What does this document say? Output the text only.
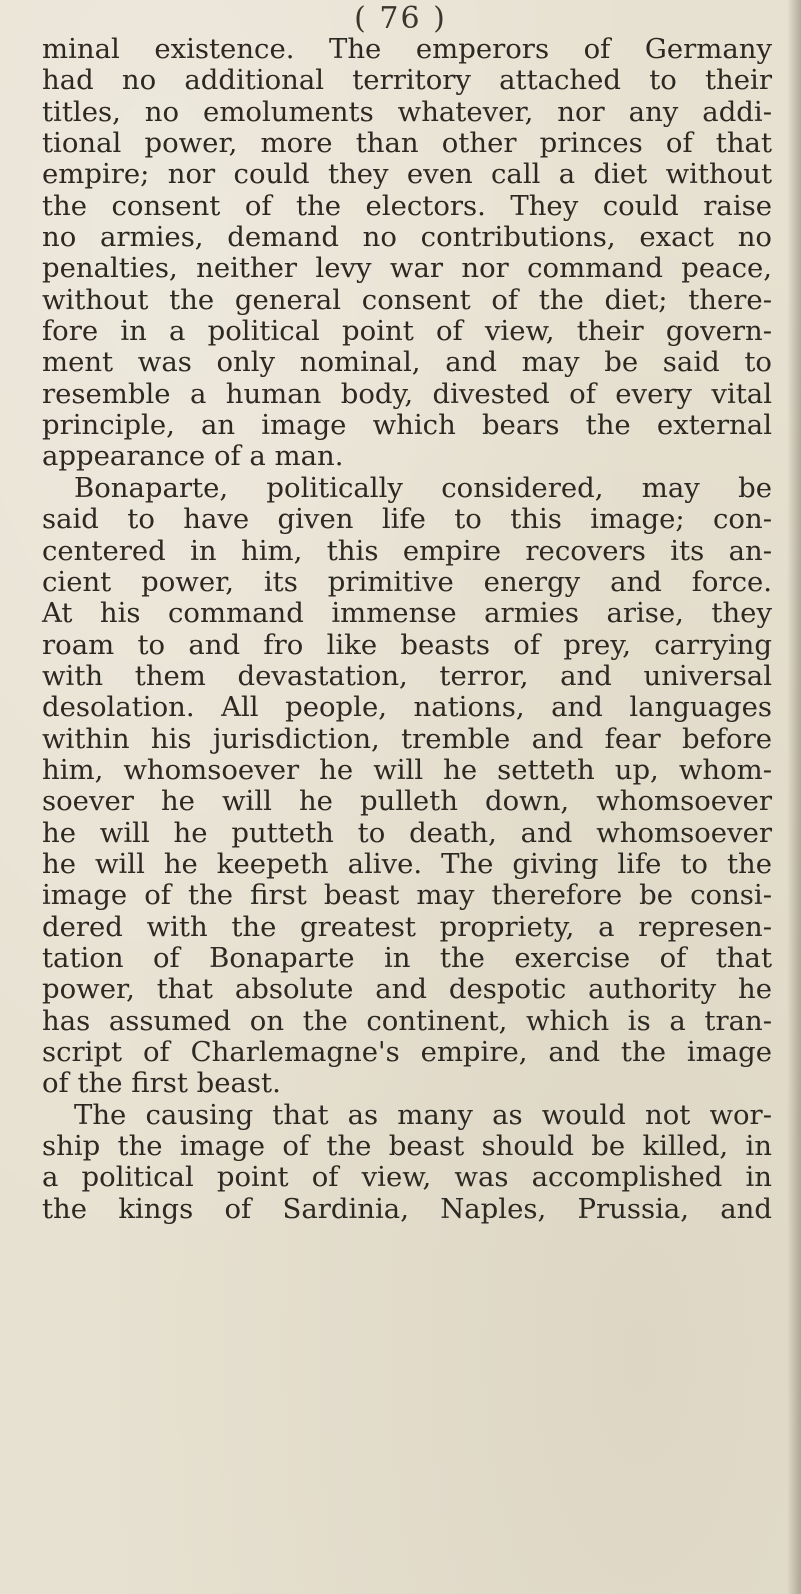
( 76 )
minal existence. The emperors of Germany
had no additional territory attached to their
titles, no emoluments whatever, nor any addi-
tional power, more than other princes of that
empire; nor could they even call a diet without
the consent of the electors. They could raise
no armies, demand no contributions, exact no
penalties, neither levy war nor command peace,
without the general consent of the diet; there-
fore in a political point of view, their govern-
ment was only nominal, and may be said to
resemble a human body, divested of every vital
principle, an image which bears the external
appearance of a man.
Bonaparte, politically considered, may be
said to have given life to this image; con-
centered in him, this empire recovers its an-
cient power, its primitive energy and force.
At his command immense armies arise, they
roam to and fro like beasts of prey, carrying
with them devastation, terror, and universal
desolation. All people, nations, and languages
within his jurisdiction, tremble and fear before
him, whomsoever he will he setteth up, whom-
soever he will he pulleth down, whomsoever
he will he putteth to death, and whomsoever
he will he keepeth alive. The giving life to the
image of the first beast may therefore be consi-
dered with the greatest propriety, a represen-
tation of Bonaparte in the exercise of that
power, that absolute and despotic authority he
has assumed on the continent, which is a tran-
script of Charlemagne's empire, and the image
of the first beast.
The causing that as many as would not wor-
ship the image of the beast should be killed, in
a political point of view, was accomplished in
the kings of Sardinia, Naples, Prussia, and
